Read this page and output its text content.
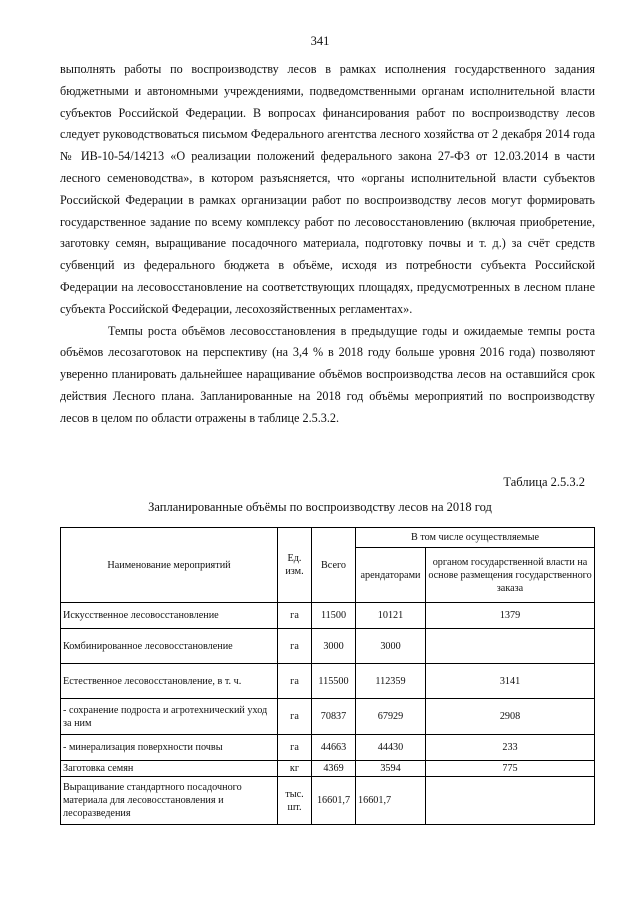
341

выполнять работы по воспроизводству лесов в рамках исполнения государственного задания бюджетными и автономными учреждениями, подведомственными органам исполнительной власти субъектов Российской Федерации. В вопросах финансирования работ по воспроизводству лесов следует руководствоваться письмом Федерального агентства лесного хозяйства от 2 декабря 2014 года № ИВ-10-54/14213 «О реализации положений федерального закона 27-ФЗ от 12.03.2014 в части лесного семеноводства», в котором разъясняется, что «органы исполнительной власти субъектов Российской Федерации в рамках организации работ по воспроизводству лесов могут формировать государственное задание по всему комплексу работ по лесовосстановлению (включая приобретение, заготовку семян, выращивание посадочного материала, подготовку почвы и т. д.) за счёт средств субвенций из федерального бюджета в объёме, исходя из потребности субъекта Российской Федерации на лесовосстановление на соответствующих площадях, предусмотренных в лесном плане субъекта Российской Федерации, лесохозяйственных регламентах».

Темпы роста объёмов лесовосстановления в предыдущие годы и ожидаемые темпы роста объёмов лесозаготовок на перспективу (на 3,4 % в 2018 году больше уровня 2016 года) позволяют уверенно планировать дальнейшее наращивание объёмов воспроизводства лесов на оставшийся срок действия Лесного плана. Запланированные на 2018 год объёмы мероприятий по воспроизводству лесов в целом по области отражены в таблице 2.5.3.2.

Таблица 2.5.3.2
Запланированные объёмы по воспроизводству лесов на 2018 год
Наименование мероприятий	Ед. изм.	Всего	В том числе осуществляемые	
			арендаторами	органом государственной власти на основе размещения государственного заказа
Искусственное лесовосстановление	га	11500	10121	1379
Комбинированное лесовосстановление	га	3000	3000	
Естественное лесовосстановление, в т. ч.	га	115500	112359	3141
- сохранение подроста и агротехнический уход за ним	га	70837	67929	2908
- минерализация поверхности почвы	га	44663	44430	233
Заготовка семян	кг	4369	3594	775
Выращивание стандартного посадочного материала для лесовосстановления и лесоразведения	тыс. шт.	16601,7	16601,7	
